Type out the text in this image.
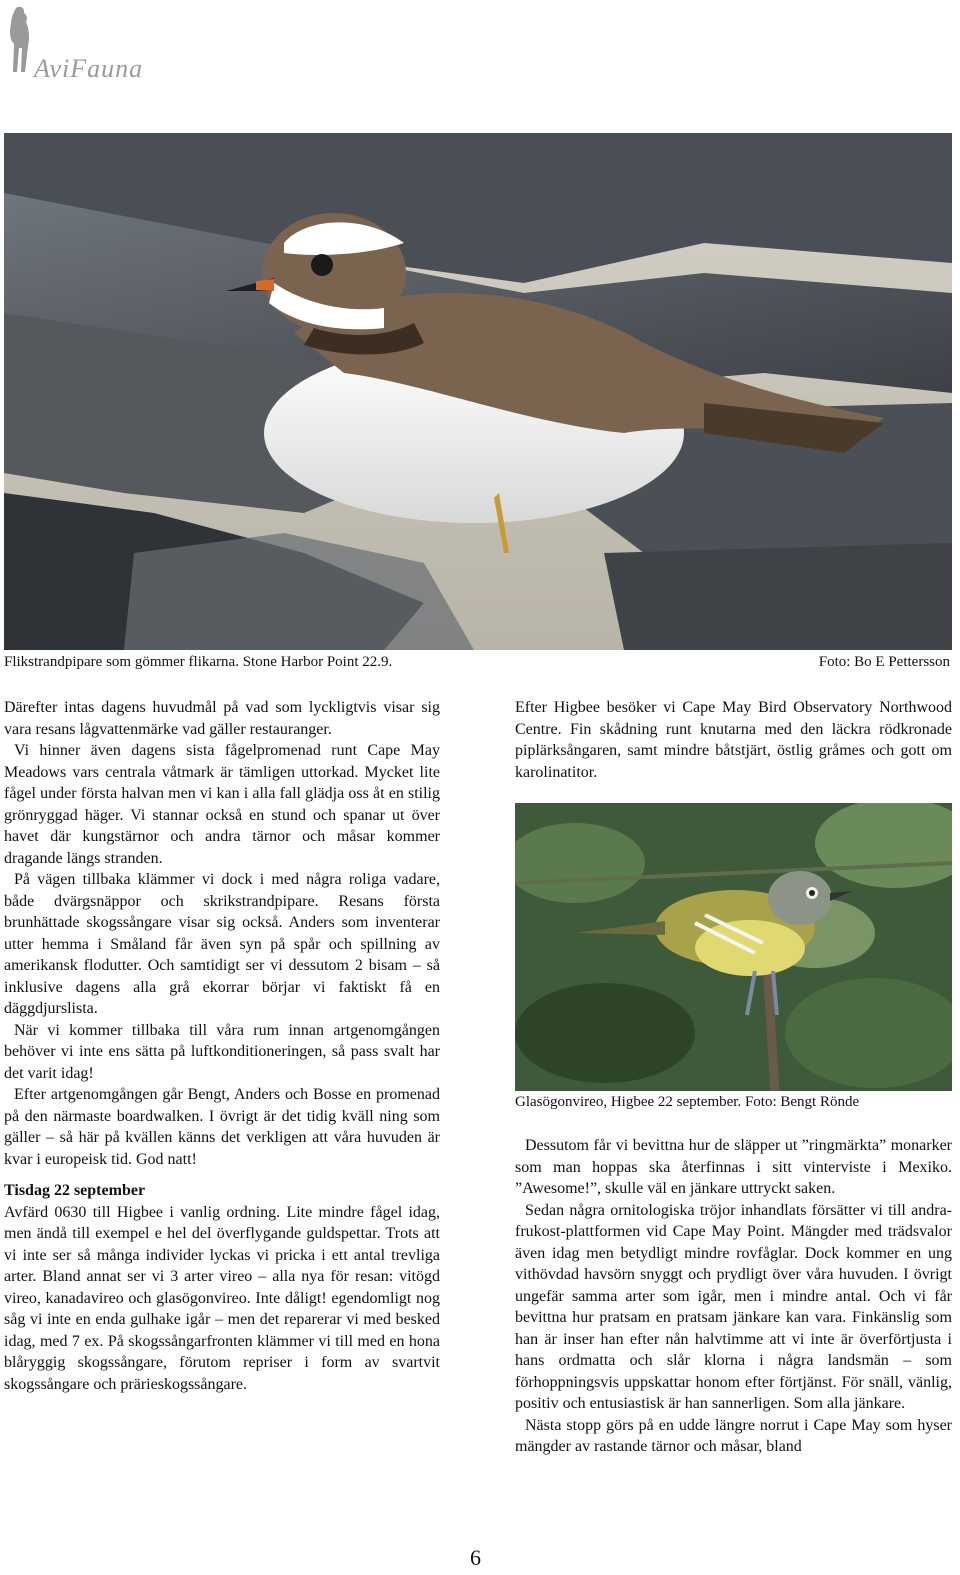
AviFauna
Flikstrandpipare som gömmer flikarna. Stone Harbor Point 22.9.	Foto: Bo E Pettersson

Därefter intas dagens huvudmål på vad som lyckligtvis visar sig vara resans lågvattenmärke vad gäller restauranger.

Vi hinner även dagens sista fågelpromenad runt Cape May Meadows vars centrala våtmark är tämligen uttorkad. Mycket lite fågel under första halvan men vi kan i alla fall glädja oss åt en stilig grönryggad häger. Vi stannar också en stund och spanar ut över havet där kungstärnor och andra tärnor och måsar kommer dragande längs stranden.

På vägen tillbaka klämmer vi dock i med några roliga vadare, både dvärgsnäppor och skrikstrandpipare. Resans första brunhättade skogssångare visar sig också. Anders som inventerar utter hemma i Småland får även syn på spår och spillning av amerikansk flodutter. Och samtidigt ser vi dessutom 2 bisam – så inklusive dagens alla grå ekorrar börjar vi faktiskt få en däggdjurslista.

När vi kommer tillbaka till våra rum innan artgenomgången behöver vi inte ens sätta på luftkonditioneringen, så pass svalt har det varit idag!

Efter artgenomgången går Bengt, Anders och Bosse en promenad på den närmaste boardwalken. I övrigt är det tidig kväll ning som gäller – så här på kvällen känns det verkligen att våra huvuden är kvar i europeisk tid. God natt!

Tisdag 22 september

Avfärd 0630 till Higbee i vanlig ordning. Lite mindre fågel idag, men ändå till exempel e hel del överflygande guldspettar. Trots att vi inte ser så många individer lyckas vi pricka i ett antal trevliga arter. Bland annat ser vi 3 arter vireo – alla nya för resan: vitögd vireo, kanadavireo och glasögonvireo. Inte dåligt! egendomligt nog såg vi inte en enda gulhake igår – men det reparerar vi med besked idag, med 7 ex. På skogssångarfronten klämmer vi till med en hona blåryggig skogssångare, förutom repriser i form av svartvit skogssångare och prärieskogssångare.

Efter Higbee besöker vi Cape May Bird Observatory Northwood Centre. Fin skådning runt knutarna med den läckra rödkronade piplärksångaren, samt mindre båtstjärt, östlig gråmes och gott om karolinatitor.

Glasögonvireo, Higbee 22 september. Foto: Bengt Rönde

Dessutom får vi bevittna hur de släpper ut ”ringmärkta” monarker som man hoppas ska återfinnas i sitt vinterviste i Mexiko. ”Awesome!”, skulle väl en jänkare uttryckt saken.

Sedan några ornitologiska tröjor inhandlats försätter vi till andra-frukost-plattformen vid Cape May Point. Mängder med trädsvalor även idag men betydligt mindre rovfåglar. Dock kommer en ung vithövdad havsörn snyggt och prydligt över våra huvuden. I övrigt ungefär samma arter som igår, men i mindre antal. Och vi får bevittna hur pratsam en pratsam jänkare kan vara. Finkänslig som han är inser han efter nån halvtimme att vi inte är överförtjusta i hans ordmatta och slår klorna i några landsmän – som förhoppningsvis uppskattar honom efter förtjänst. För snäll, vänlig, positiv och entusiastisk är han sannerligen. Som alla jänkare.

Nästa stopp görs på en udde längre norrut i Cape May som hyser mängder av rastande tärnor och måsar, bland

6
